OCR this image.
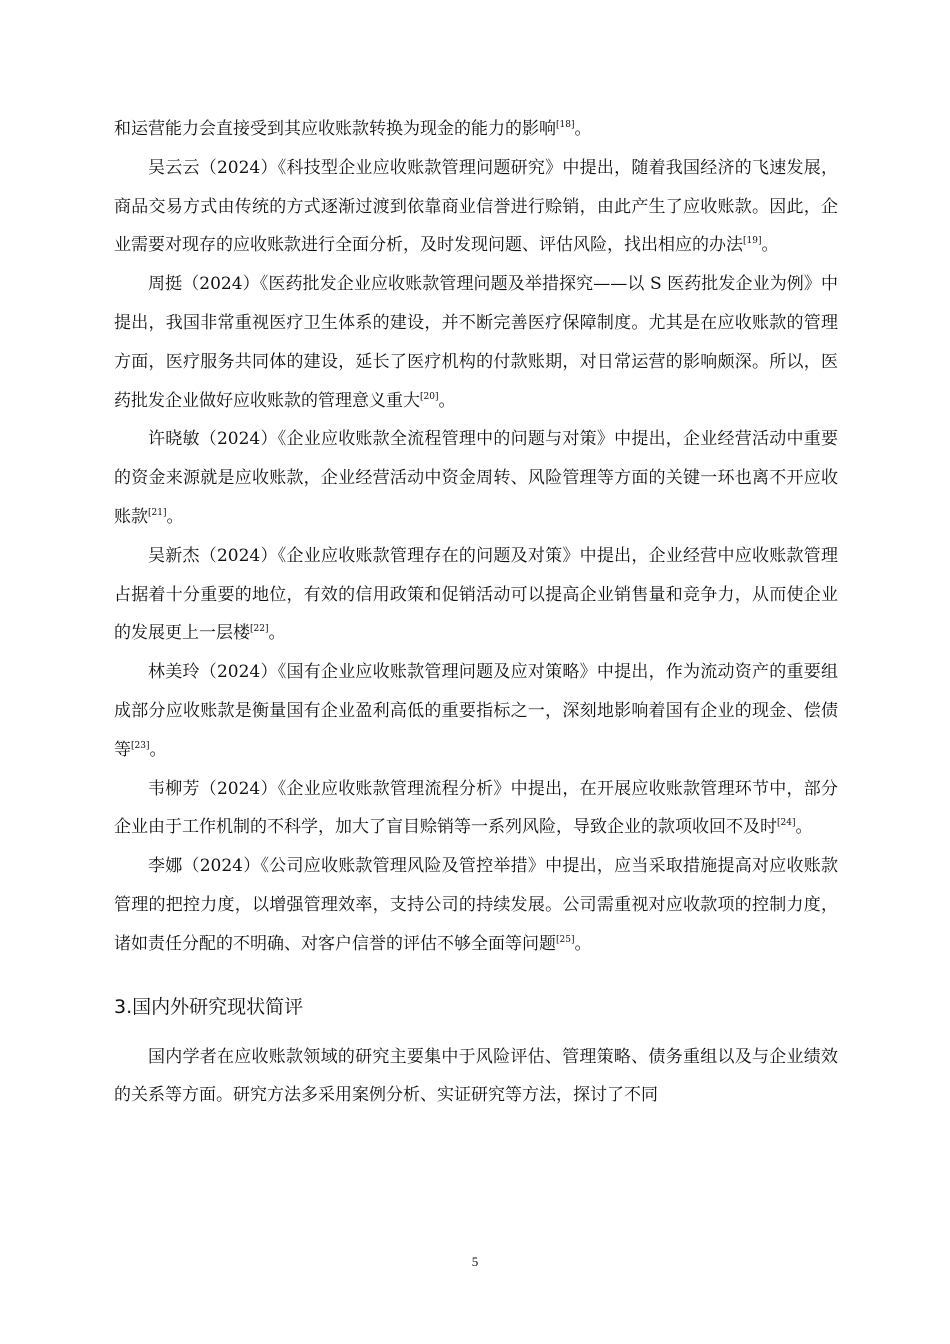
和运营能力会直接受到其应收账款转换为现金的能力的影响[18]。

吴云云（2024）《科技型企业应收账款管理问题研究》中提出，随着我国经济的飞速发展，商品交易方式由传统的方式逐渐过渡到依靠商业信誉进行赊销，由此产生了应收账款。因此，企业需要对现存的应收账款进行全面分析，及时发现问题、评估风险，找出相应的办法[19]。

周挺（2024）《医药批发企业应收账款管理问题及举措探究——以 S 医药批发企业为例》中提出，我国非常重视医疗卫生体系的建设，并不断完善医疗保障制度。尤其是在应收账款的管理方面，医疗服务共同体的建设，延长了医疗机构的付款账期，对日常运营的影响颇深。所以，医药批发企业做好应收账款的管理意义重大[20]。

许晓敏（2024）《企业应收账款全流程管理中的问题与对策》中提出，企业经营活动中重要的资金来源就是应收账款，企业经营活动中资金周转、风险管理等方面的关键一环也离不开应收账款[21]。

吴新杰（2024）《企业应收账款管理存在的问题及对策》中提出，企业经营中应收账款管理占据着十分重要的地位，有效的信用政策和促销活动可以提高企业销售量和竞争力，从而使企业的发展更上一层楼[22]。

林美玲（2024）《国有企业应收账款管理问题及应对策略》中提出，作为流动资产的重要组成部分应收账款是衡量国有企业盈利高低的重要指标之一，深刻地影响着国有企业的现金、偿债等[23]。

韦柳芳（2024）《企业应收账款管理流程分析》中提出，在开展应收账款管理环节中，部分企业由于工作机制的不科学，加大了盲目赊销等一系列风险，导致企业的款项收回不及时[24]。

李娜（2024）《公司应收账款管理风险及管控举措》中提出，应当采取措施提高对应收账款管理的把控力度，以增强管理效率，支持公司的持续发展。公司需重视对应收款项的控制力度，诸如责任分配的不明确、对客户信誉的评估不够全面等问题[25]。

3.国内外研究现状简评

国内学者在应收账款领域的研究主要集中于风险评估、管理策略、债务重组以及与企业绩效的关系等方面。研究方法多采用案例分析、实证研究等方法，探讨了不同

5
